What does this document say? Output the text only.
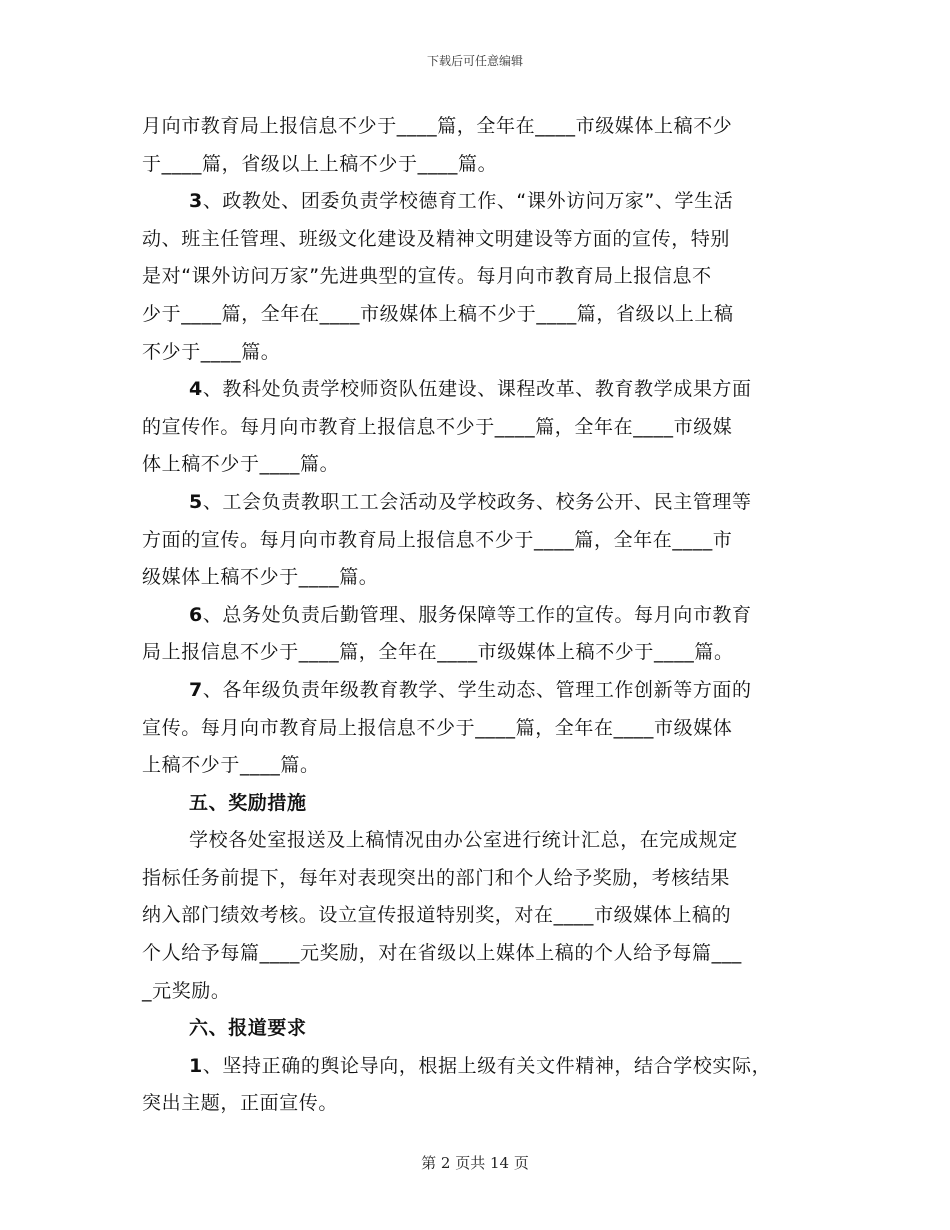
下载后可任意编辑
月向市教育局上报信息不少于____篇，全年在____市级媒体上稿不少
于____篇，省级以上上稿不少于____篇。
3、政教处、团委负责学校德育工作、“课外访问万家”、学生活
动、班主任管理、班级文化建设及精神文明建设等方面的宣传，特别
是对“课外访问万家”先进典型的宣传。每月向市教育局上报信息不
少于____篇，全年在____市级媒体上稿不少于____篇，省级以上上稿
不少于____篇。
4、教科处负责学校师资队伍建设、课程改革、教育教学成果方面
的宣传作。每月向市教育上报信息不少于____篇，全年在____市级媒
体上稿不少于____篇。
5、工会负责教职工工会活动及学校政务、校务公开、民主管理等
方面的宣传。每月向市教育局上报信息不少于____篇，全年在____市
级媒体上稿不少于____篇。
6、总务处负责后勤管理、服务保障等工作的宣传。每月向市教育
局上报信息不少于____篇，全年在____市级媒体上稿不少于____篇。
7、各年级负责年级教育教学、学生动态、管理工作创新等方面的
宣传。每月向市教育局上报信息不少于____篇，全年在____市级媒体
上稿不少于____篇。
五、奖励措施
学校各处室报送及上稿情况由办公室进行统计汇总，在完成规定
指标任务前提下，每年对表现突出的部门和个人给予奖励，考核结果
纳入部门绩效考核。设立宣传报道特别奖，对在____市级媒体上稿的
个人给予每篇____元奖励，对在省级以上媒体上稿的个人给予每篇___
_元奖励。
六、报道要求
1、坚持正确的舆论导向，根据上级有关文件精神，结合学校实际，
突出主题，正面宣传。
第 2 页共 14 页
